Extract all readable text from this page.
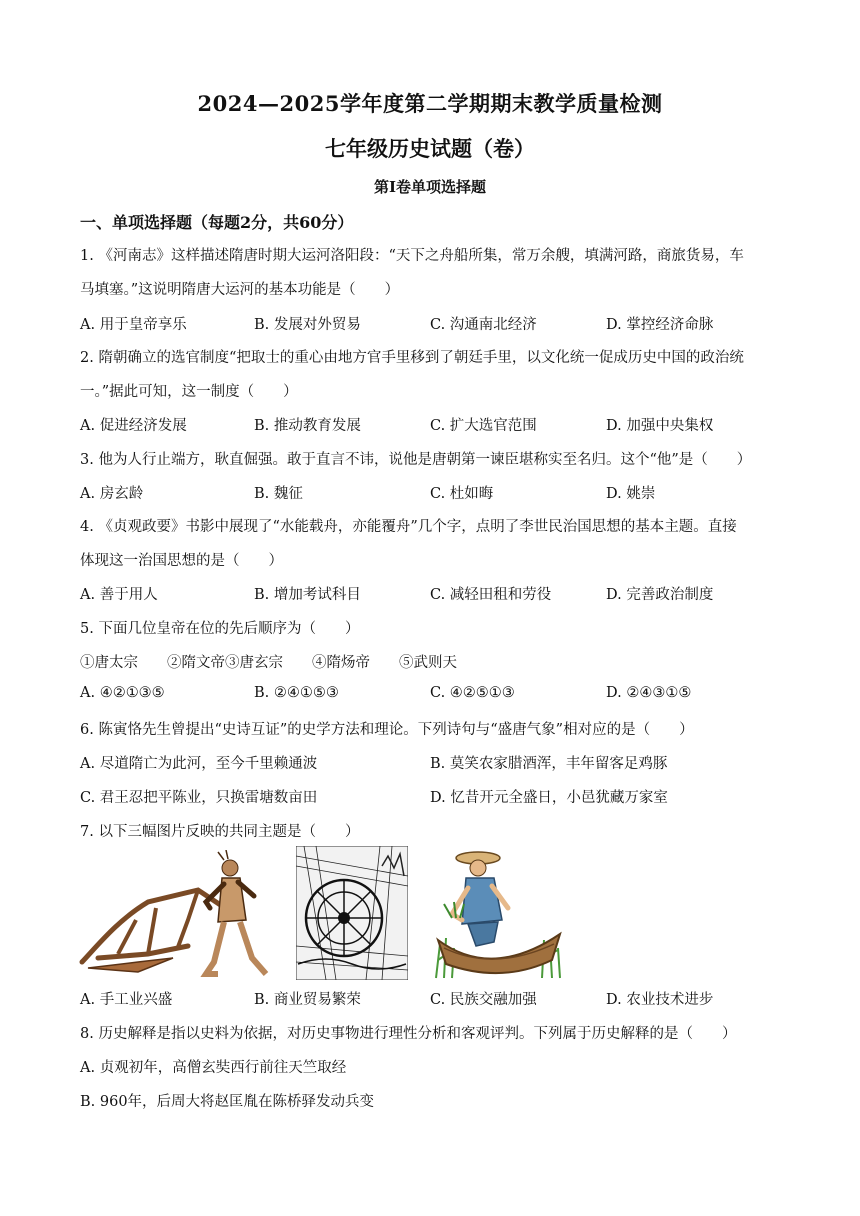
2024—2025学年度第二学期期末教学质量检测
七年级历史试题（卷）
第Ⅰ卷单项选择题
一、单项选择题（每题2分，共60分）
1. 《河南志》这样描述隋唐时期大运河洛阳段：“天下之舟船所集，常万余艘，填满河路，商旅货易，车
马填塞。”这说明隋唐大运河的基本功能是（　　）
A. 用于皇帝享乐	B. 发展对外贸易	C. 沟通南北经济	D. 掌控经济命脉
2. 隋朝确立的选官制度“把取士的重心由地方官手里移到了朝廷手里，以文化统一促成历史中国的政治统
一。”据此可知，这一制度（　　）
A. 促进经济发展	B. 推动教育发展	C. 扩大选官范围	D. 加强中央集权
3. 他为人行止端方，耿直倔强。敢于直言不讳，说他是唐朝第一谏臣堪称实至名归。这个“他”是（　　）
A. 房玄龄	B. 魏征	C. 杜如晦	D. 姚崇
4. 《贞观政要》书影中展现了“水能载舟，亦能覆舟”几个字，点明了李世民治国思想的基本主题。直接
体现这一治国思想的是（　　）
A. 善于用人	B. 增加考试科目	C. 减轻田租和劳役	D. 完善政治制度
5. 下面几位皇帝在位的先后顺序为（　　）
①唐太宗　　②隋文帝③唐玄宗　　④隋炀帝　　⑤武则天
A. ④②①③⑤	B. ②④①⑤③	C. ④②⑤①③	D. ②④③①⑤
6. 陈寅恪先生曾提出“史诗互证”的史学方法和理论。下列诗句与“盛唐气象”相对应的是（　　）
A. 尽道隋亡为此河，至今千里赖通波	B. 莫笑农家腊酒浑，丰年留客足鸡豚
C. 君王忍把平陈业，只换雷塘数亩田	D. 忆昔开元全盛日，小邑犹藏万家室
7. 以下三幅图片反映的共同主题是（　　）
A. 手工业兴盛	B. 商业贸易繁荣	C. 民族交融加强	D. 农业技术进步
8. 历史解释是指以史料为依据，对历史事物进行理性分析和客观评判。下列属于历史解释的是（　　）
A. 贞观初年，高僧玄奘西行前往天竺取经
B. 960年，后周大将赵匡胤在陈桥驿发动兵变
